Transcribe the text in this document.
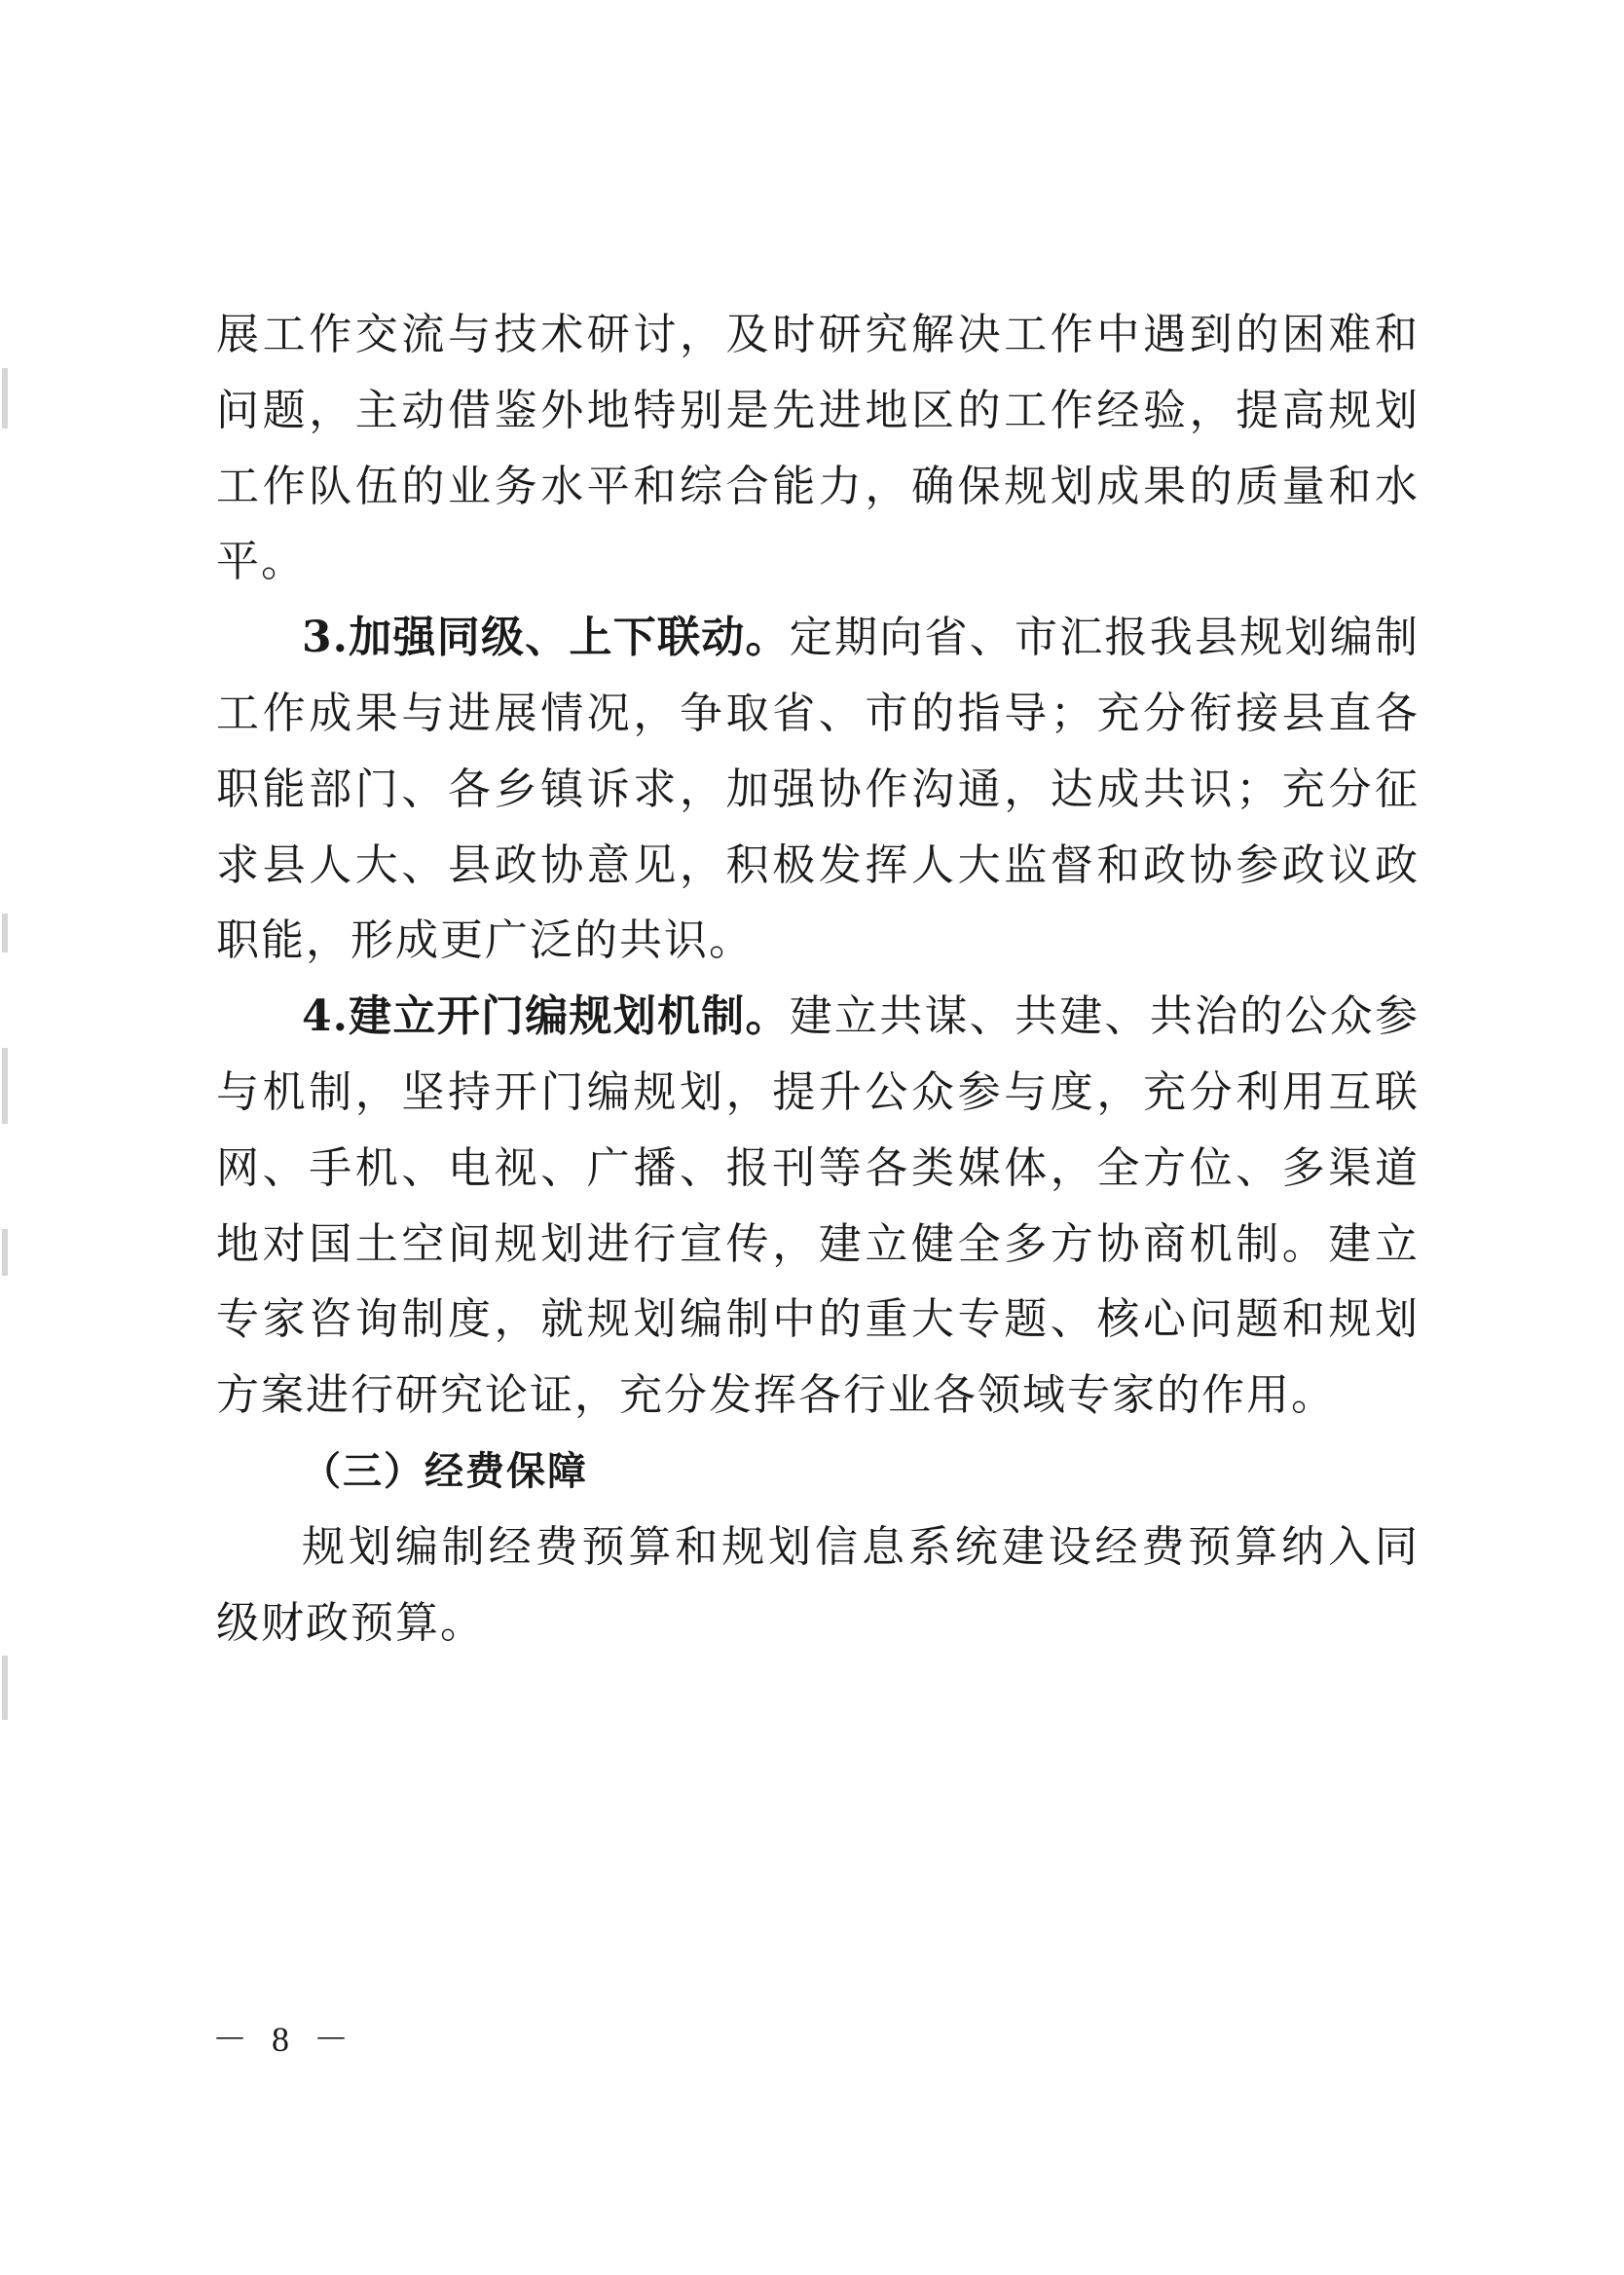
展工作交流与技术研讨，及时研究解决工作中遇到的困难和问题，主动借鉴外地特别是先进地区的工作经验，提高规划工作队伍的业务水平和综合能力，确保规划成果的质量和水平。

3.加强同级、上下联动。定期向省、市汇报我县规划编制工作成果与进展情况，争取省、市的指导；充分衔接县直各职能部门、各乡镇诉求，加强协作沟通，达成共识；充分征求县人大、县政协意见，积极发挥人大监督和政协参政议政职能，形成更广泛的共识。

4.建立开门编规划机制。建立共谋、共建、共治的公众参与机制，坚持开门编规划，提升公众参与度，充分利用互联网、手机、电视、广播、报刊等各类媒体，全方位、多渠道地对国土空间规划进行宣传，建立健全多方协商机制。建立专家咨询制度，就规划编制中的重大专题、核心问题和规划方案进行研究论证，充分发挥各行业各领域专家的作用。

（三）经费保障

规划编制经费预算和规划信息系统建设经费预算纳入同级财政预算。

－ 8 －
